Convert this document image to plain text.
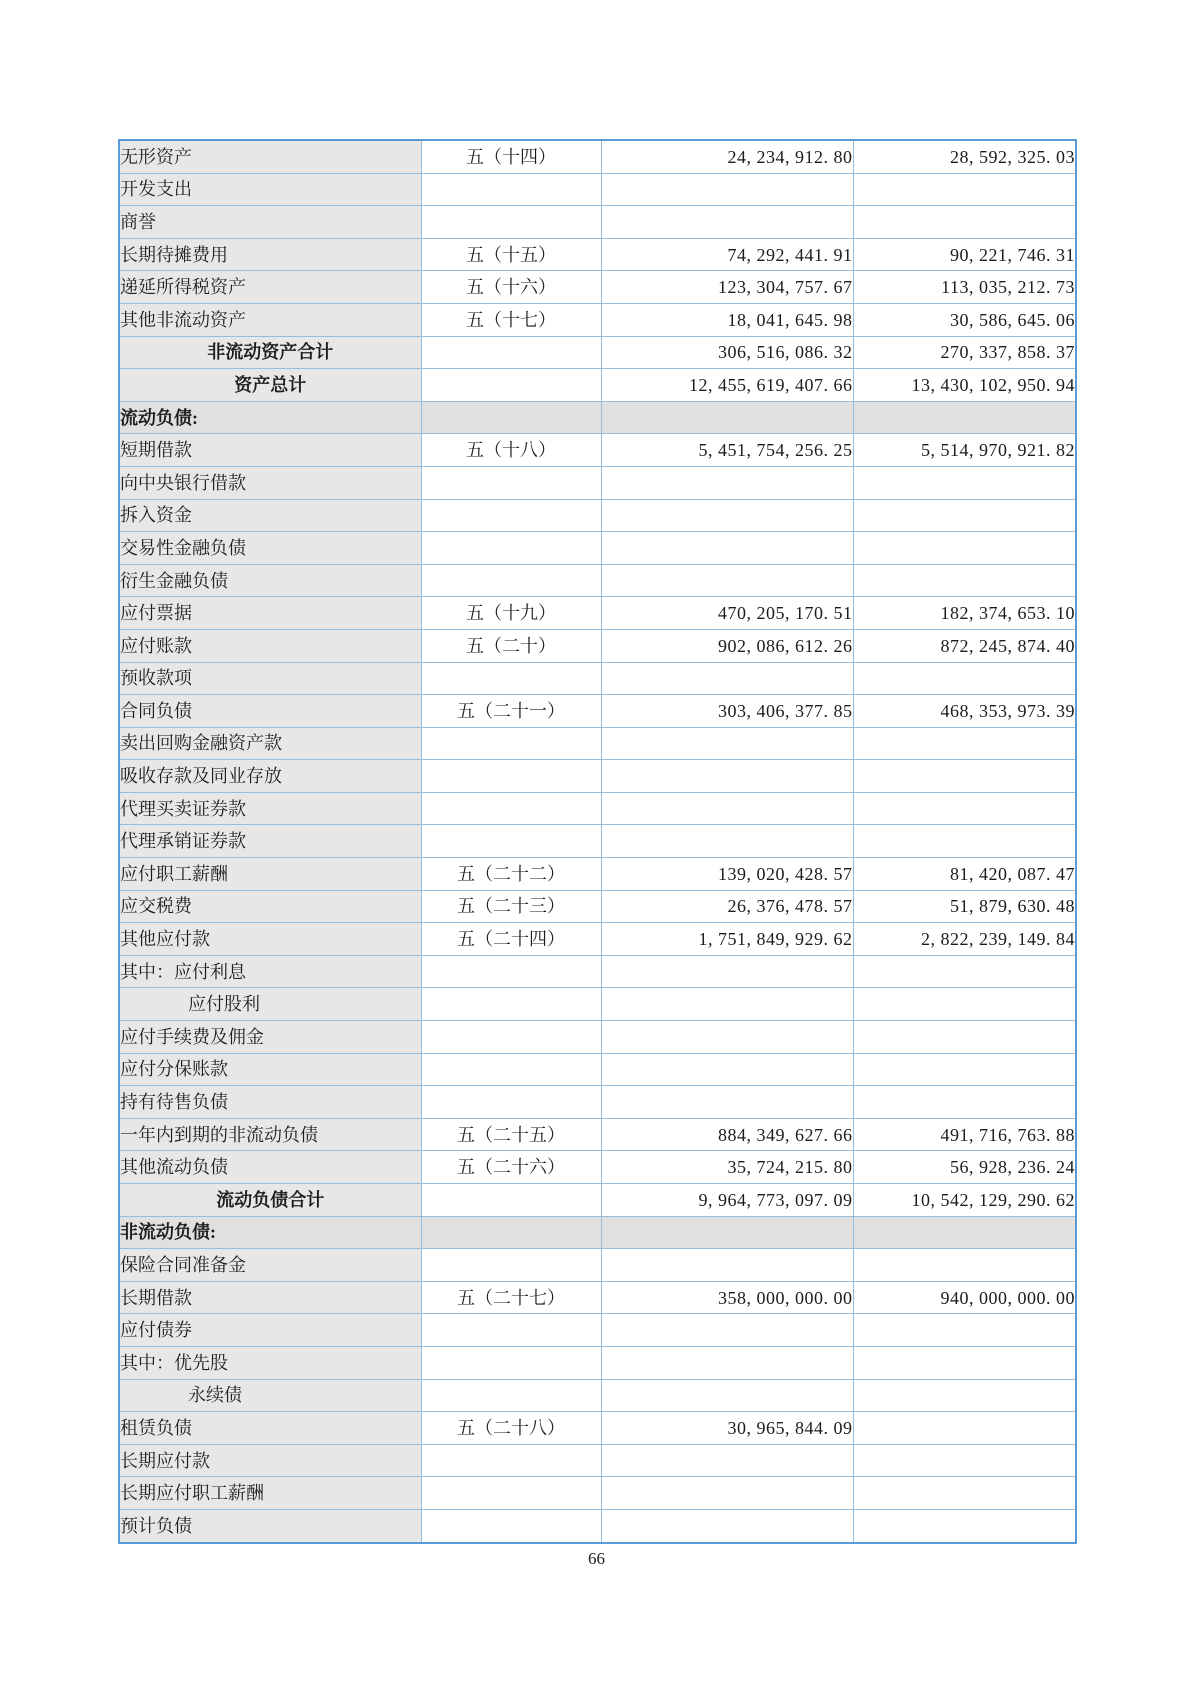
无形资产	五（十四）	24, 234, 912. 80	28, 592, 325. 03
开发支出			
商誉			
长期待摊费用	五（十五）	74, 292, 441. 91	90, 221, 746. 31
递延所得税资产	五（十六）	123, 304, 757. 67	113, 035, 212. 73
其他非流动资产	五（十七）	18, 041, 645. 98	30, 586, 645. 06
非流动资产合计		306, 516, 086. 32	270, 337, 858. 37
资产总计		12, 455, 619, 407. 66	13, 430, 102, 950. 94
流动负债:			
短期借款	五（十八）	5, 451, 754, 256. 25	5, 514, 970, 921. 82
向中央银行借款			
拆入资金			
交易性金融负债			
衍生金融负债			
应付票据	五（十九）	470, 205, 170. 51	182, 374, 653. 10
应付账款	五（二十）	902, 086, 612. 26	872, 245, 874. 40
预收款项			
合同负债	五（二十一）	303, 406, 377. 85	468, 353, 973. 39
卖出回购金融资产款			
吸收存款及同业存放			
代理买卖证券款			
代理承销证券款			
应付职工薪酬	五（二十二）	139, 020, 428. 57	81, 420, 087. 47
应交税费	五（二十三）	26, 376, 478. 57	51, 879, 630. 48
其他应付款	五（二十四）	1, 751, 849, 929. 62	2, 822, 239, 149. 84
其中：应付利息			
应付股利			
应付手续费及佣金			
应付分保账款			
持有待售负债			
一年内到期的非流动负债	五（二十五）	884, 349, 627. 66	491, 716, 763. 88
其他流动负债	五（二十六）	35, 724, 215. 80	56, 928, 236. 24
流动负债合计		9, 964, 773, 097. 09	10, 542, 129, 290. 62
非流动负债:			
保险合同准备金			
长期借款	五（二十七）	358, 000, 000. 00	940, 000, 000. 00
应付债券			
其中：优先股			
永续债			
租赁负债	五（二十八）	30, 965, 844. 09	
长期应付款			
长期应付职工薪酬			
预计负债			
66
